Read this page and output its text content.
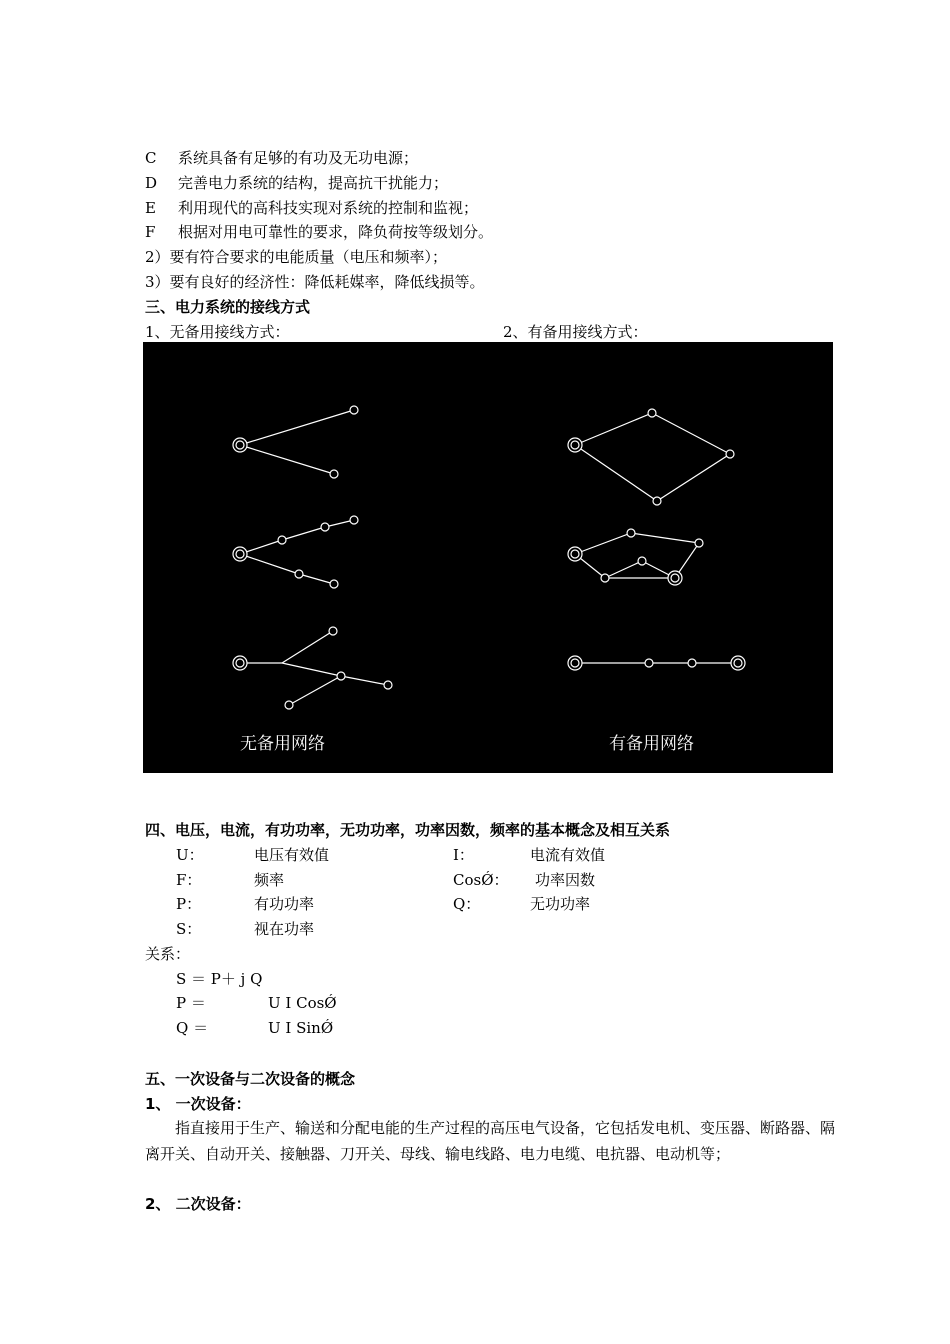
C 系统具备有足够的有功及无功电源；
D 完善电力系统的结构，提高抗干扰能力；
E 利用现代的高科技实现对系统的控制和监视；
F 根据对用电可靠性的要求，降负荷按等级划分。
2）要有符合要求的电能质量（电压和频率）；
3）要有良好的经济性：降低耗媒率，降低线损等。
三、电力系统的接线方式
1、无备用接线方式：	2、有备用接线方式：
无备用网络	有备用网络
四、电压，电流，有功功率，无功功率，功率因数，频率的基本概念及相互关系
U：	电压有效值	I：	电流有效值
F：	频率	CosǾ： 功率因数
P：	有功功率	Q：	无功功率
S：	视在功率
关系：
S ＝ P＋ j Q
P ＝	U I CosǾ
Q ＝	U I SinǾ
五、一次设备与二次设备的概念
1、 一次设备：
指直接用于生产、输送和分配电能的生产过程的高压电气设备，它包括发电机、变压器、断路器、隔离开关、自动开关、接触器、刀开关、母线、输电线路、电力电缆、电抗器、电动机等；
2、 二次设备：
